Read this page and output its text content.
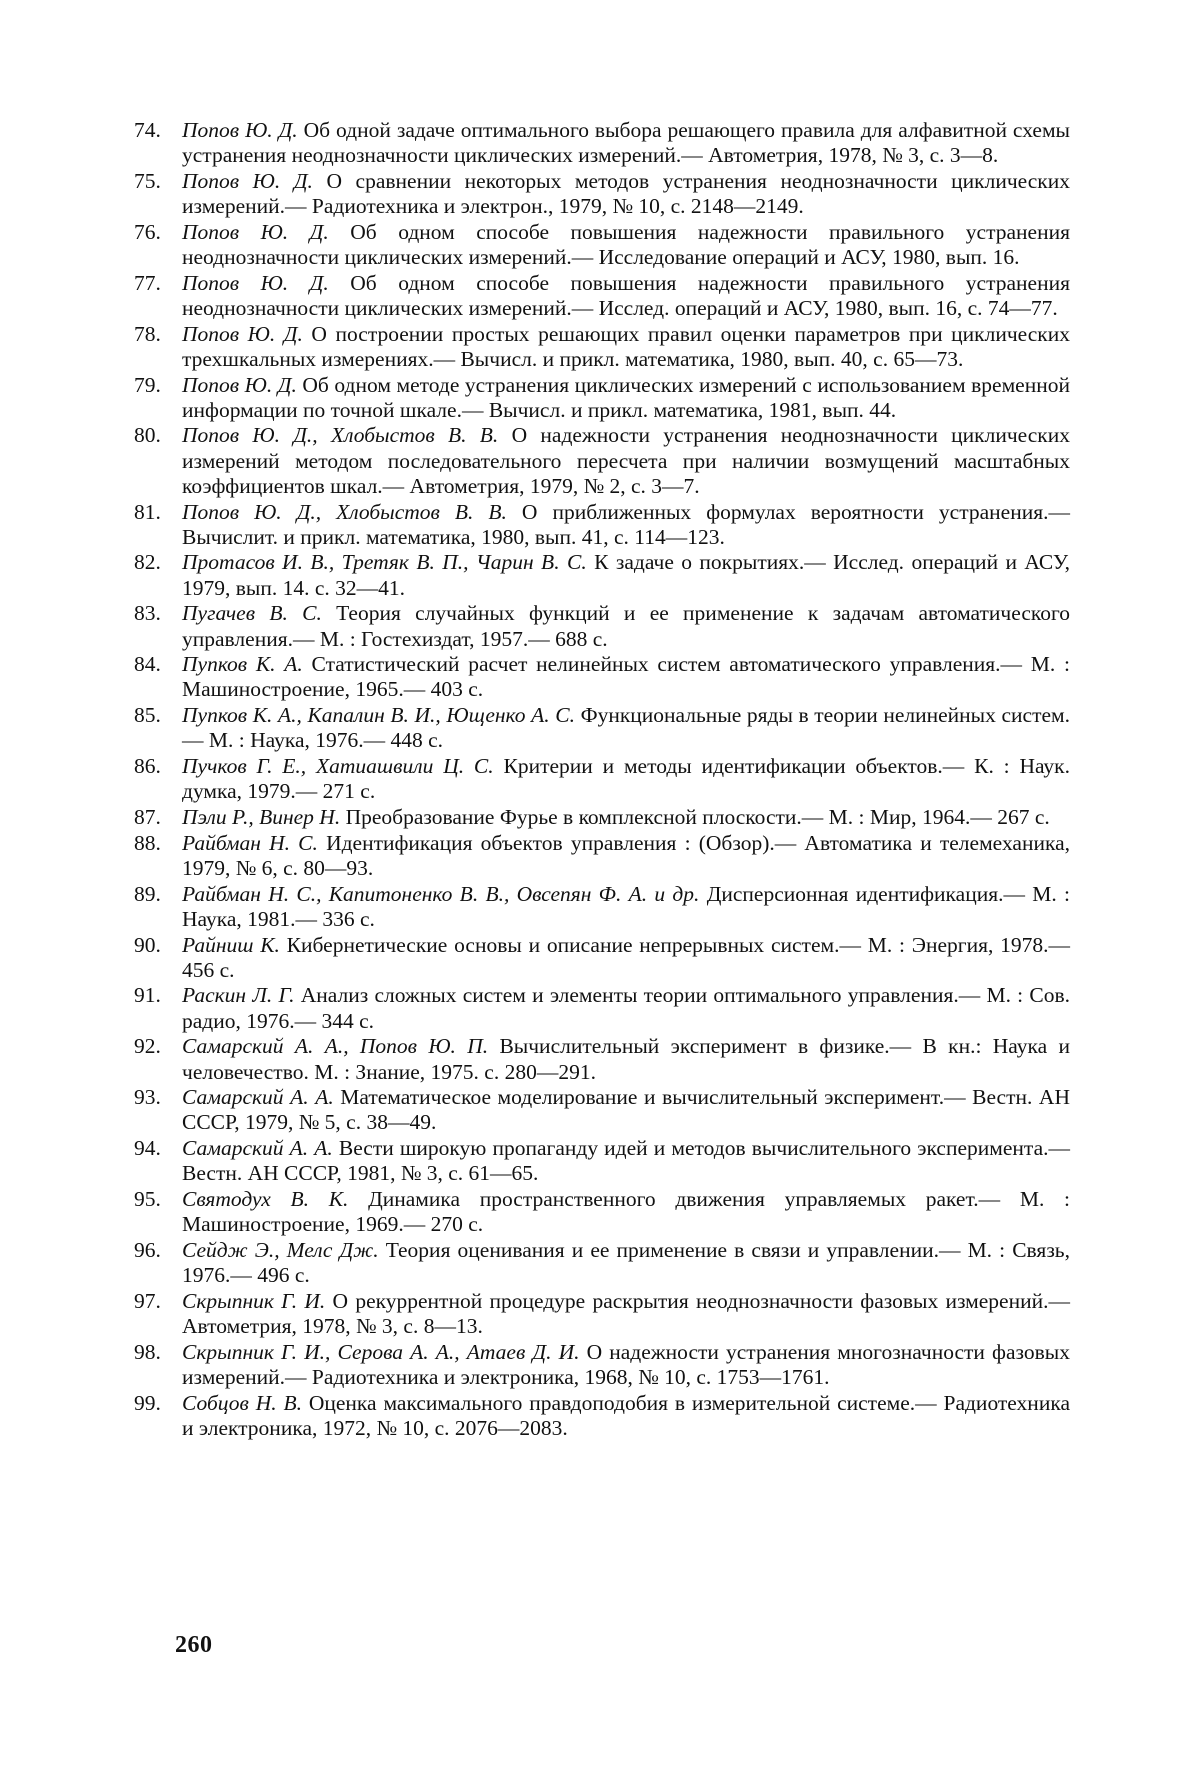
74. Попов Ю. Д. Об одной задаче оптимального выбора решающего правила для алфавитной схемы устранения неоднозначности циклических измерений.— Автометрия, 1978, № 3, с. 3—8.
75. Попов Ю. Д. О сравнении некоторых методов устранения неоднозначности циклических измерений.— Радиотехника и электрон., 1979, № 10, с. 2148—2149.
76. Попов Ю. Д. Об одном способе повышения надежности правильного устранения неоднозначности циклических измерений.— Исследование операций и АСУ, 1980, вып. 16.
77. Попов Ю. Д. Об одном способе повышения надежности правильного устранения неоднозначности циклических измерений.— Исслед. операций и АСУ, 1980, вып. 16, с. 74—77.
78. Попов Ю. Д. О построении простых решающих правил оценки параметров при циклических трехшкальных измерениях.— Вычисл. и прикл. математика, 1980, вып. 40, с. 65—73.
79. Попов Ю. Д. Об одном методе устранения циклических измерений с использованием временной информации по точной шкале.— Вычисл. и прикл. математика, 1981, вып. 44.
80. Попов Ю. Д., Хлобыстов В. В. О надежности устранения неоднозначности циклических измерений методом последовательного пересчета при наличии возмущений масштабных коэффициентов шкал.— Автометрия, 1979, № 2, с. 3—7.
81. Попов Ю. Д., Хлобыстов В. В. О приближенных формулах вероятности устранения.— Вычислит. и прикл. математика, 1980, вып. 41, с. 114—123.
82. Протасов И. В., Третяк В. П., Чарин В. С. К задаче о покрытиях.— Исслед. операций и АСУ, 1979, вып. 14. с. 32—41.
83. Пугачев В. С. Теория случайных функций и ее применение к задачам автоматического управления.— М. : Гостехиздат, 1957.— 688 с.
84. Пупков К. А. Статистический расчет нелинейных систем автоматического управления.— М. : Машиностроение, 1965.— 403 с.
85. Пупков К. А., Капалин В. И., Ющенко А. С. Функциональные ряды в теории нелинейных систем.— М. : Наука, 1976.— 448 с.
86. Пучков Г. Е., Хатиашвили Ц. С. Критерии и методы идентификации объектов.— К. : Наук. думка, 1979.— 271 с.
87. Пэли Р., Винер Н. Преобразование Фурье в комплексной плоскости.— М. : Мир, 1964.— 267 с.
88. Райбман Н. С. Идентификация объектов управления : (Обзор).— Автоматика и телемеханика, 1979, № 6, с. 80—93.
89. Райбман Н. С., Капитоненко В. В., Овсепян Ф. А. и др. Дисперсионная идентификация.— М. : Наука, 1981.— 336 с.
90. Райниш К. Кибернетические основы и описание непрерывных систем.— М. : Энергия, 1978.— 456 с.
91. Раскин Л. Г. Анализ сложных систем и элементы теории оптимального управления.— М. : Сов. радио, 1976.— 344 с.
92. Самарский А. А., Попов Ю. П. Вычислительный эксперимент в физике.— В кн.: Наука и человечество. М. : Знание, 1975. с. 280—291.
93. Самарский А. А. Математическое моделирование и вычислительный эксперимент.— Вестн. АН СССР, 1979, № 5, с. 38—49.
94. Самарский А. А. Вести широкую пропаганду идей и методов вычислительного эксперимента.— Вестн. АН СССР, 1981, № 3, с. 61—65.
95. Святодух В. К. Динамика пространственного движения управляемых ракет.— М. : Машиностроение, 1969.— 270 с.
96. Сейдж Э., Мелс Дж. Теория оценивания и ее применение в связи и управлении.— М. : Связь, 1976.— 496 с.
97. Скрыпник Г. И. О рекуррентной процедуре раскрытия неоднозначности фазовых измерений.— Автометрия, 1978, № 3, с. 8—13.
98. Скрыпник Г. И., Серова А. А., Атаев Д. И. О надежности устранения многозначности фазовых измерений.— Радиотехника и электроника, 1968, № 10, с. 1753—1761.
99. Собцов Н. В. Оценка максимального правдоподобия в измерительной системе.— Радиотехника и электроника, 1972, № 10, с. 2076—2083.
260
